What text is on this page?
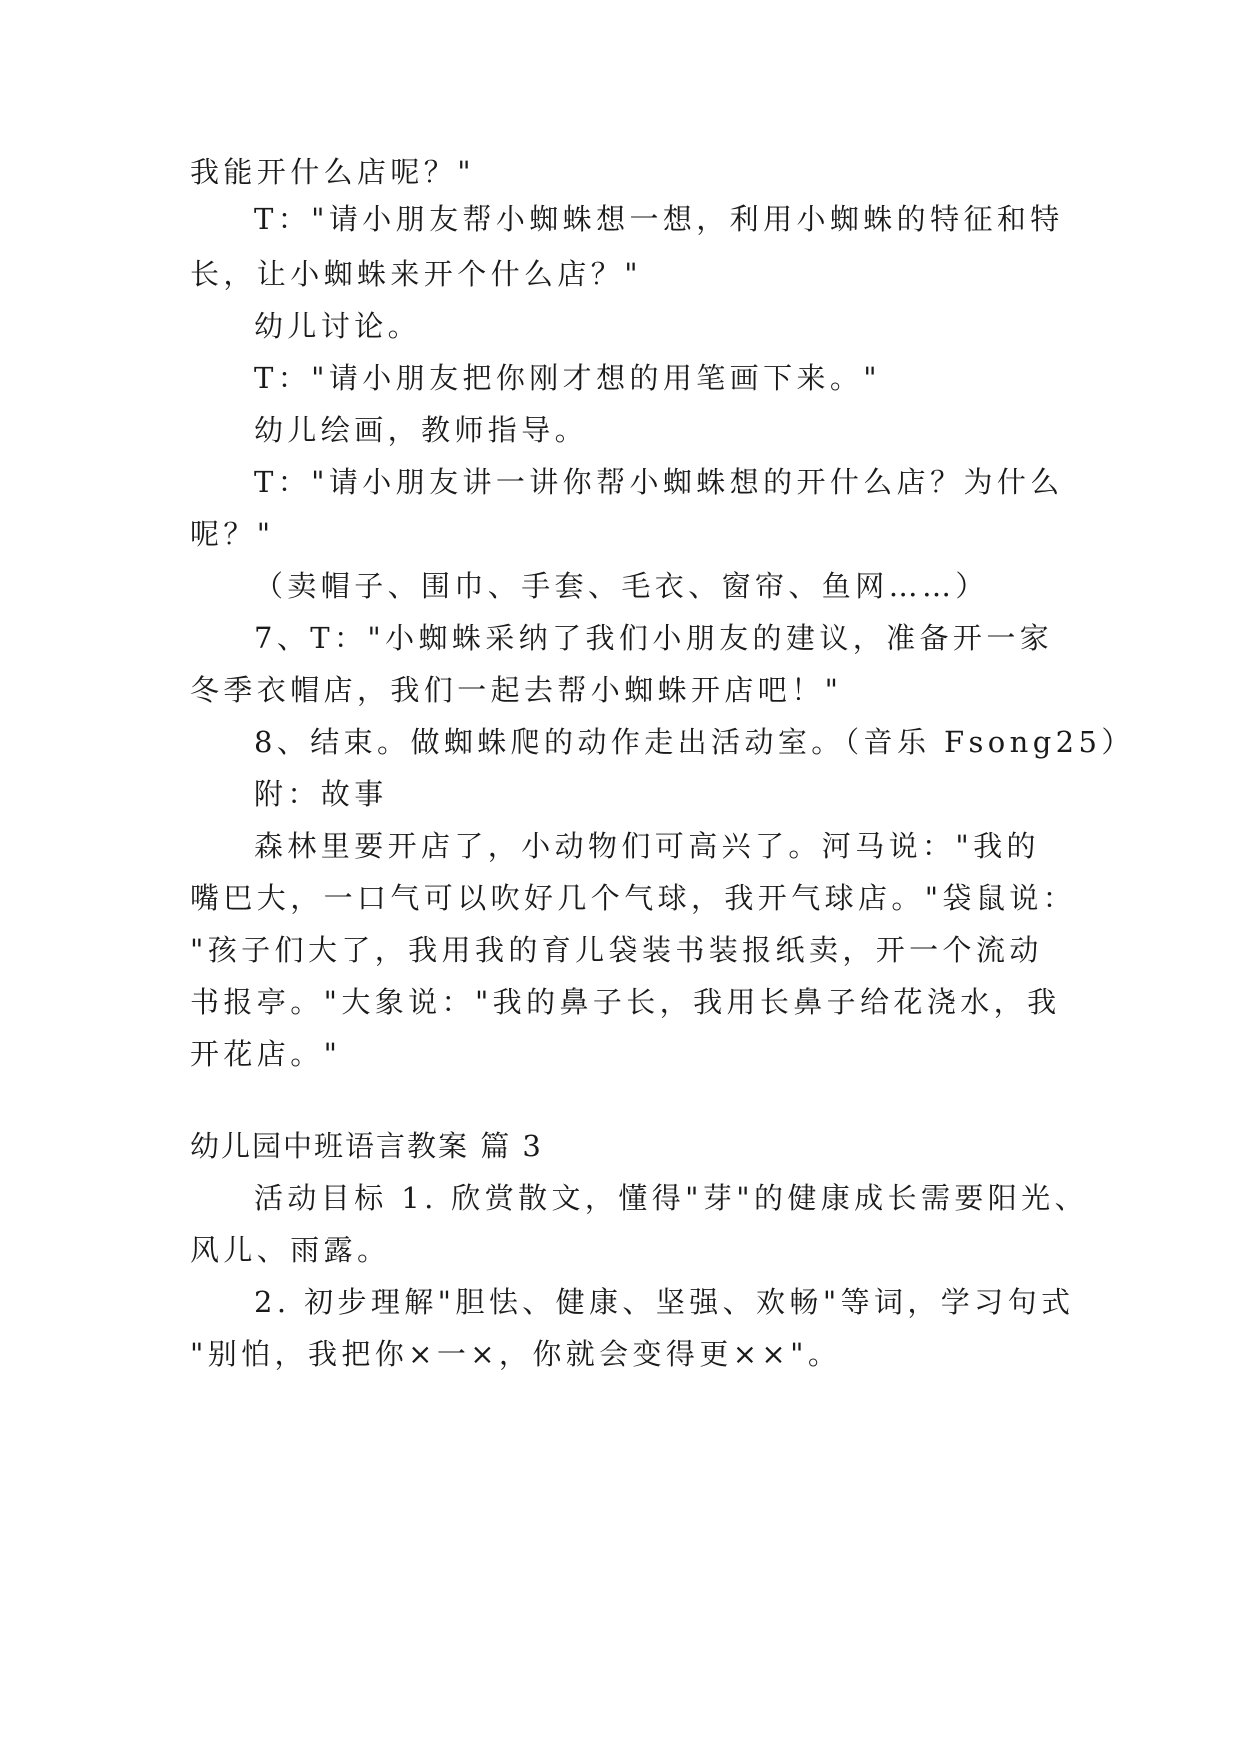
我能开什么店呢？"
T："请小朋友帮小蜘蛛想一想，利用小蜘蛛的特征和特
长，让小蜘蛛来开个什么店？"
幼儿讨论。
T："请小朋友把你刚才想的用笔画下来。"
幼儿绘画，教师指导。
T："请小朋友讲一讲你帮小蜘蛛想的开什么店？为什么
呢？"
（卖帽子、围巾、手套、毛衣、窗帘、鱼网……）
7、T："小蜘蛛采纳了我们小朋友的建议，准备开一家
冬季衣帽店，我们一起去帮小蜘蛛开店吧！"
8、结束。做蜘蛛爬的动作走出活动室。（音乐 Fsong25）
附：故事
森林里要开店了，小动物们可高兴了。河马说："我的
嘴巴大，一口气可以吹好几个气球，我开气球店。"袋鼠说：
"孩子们大了，我用我的育儿袋装书装报纸卖，开一个流动
书报亭。"大象说："我的鼻子长，我用长鼻子给花浇水，我
开花店。"
幼儿园中班语言教案 篇 3
活动目标 1. 欣赏散文，懂得"芽"的健康成长需要阳光、
风儿、雨露。
2. 初步理解"胆怯、健康、坚强、欢畅"等词，学习句式
"别怕，我把你×一×，你就会变得更××"。
